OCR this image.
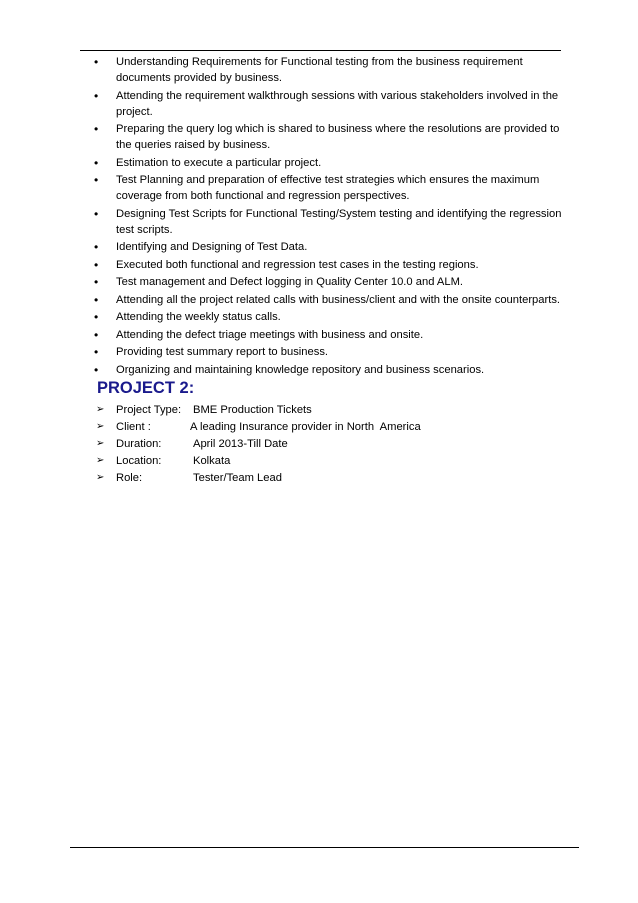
• Understanding Requirements for Functional testing from the business requirement documents provided by business.
• Attending the requirement walkthrough sessions with various stakeholders involved in the project.
• Preparing the query log which is shared to business where the resolutions are provided to the queries raised by business.
• Estimation to execute a particular project.
• Test Planning and preparation of effective test strategies which ensures the maximum coverage from both functional and regression perspectives.
• Designing Test Scripts for Functional Testing/System testing and identifying the regression test scripts.
• Identifying and Designing of Test Data.
• Executed both functional and regression test cases in the testing regions.
• Test management and Defect logging in Quality Center 10.0 and ALM.
• Attending all the project related calls with business/client and with the onsite counterparts.
• Attending the weekly status calls.
• Attending the defect triage meetings with business and onsite.
• Providing test summary report to business.
• Organizing and maintaining knowledge repository and business scenarios.
PROJECT 2:
➢ Project Type: BME Production Tickets
➢ Client :	A leading Insurance provider in North  America
➢ Duration:	April 2013-Till Date
➢ Location:	Kolkata
➢ Role:	Tester/Team Lead
